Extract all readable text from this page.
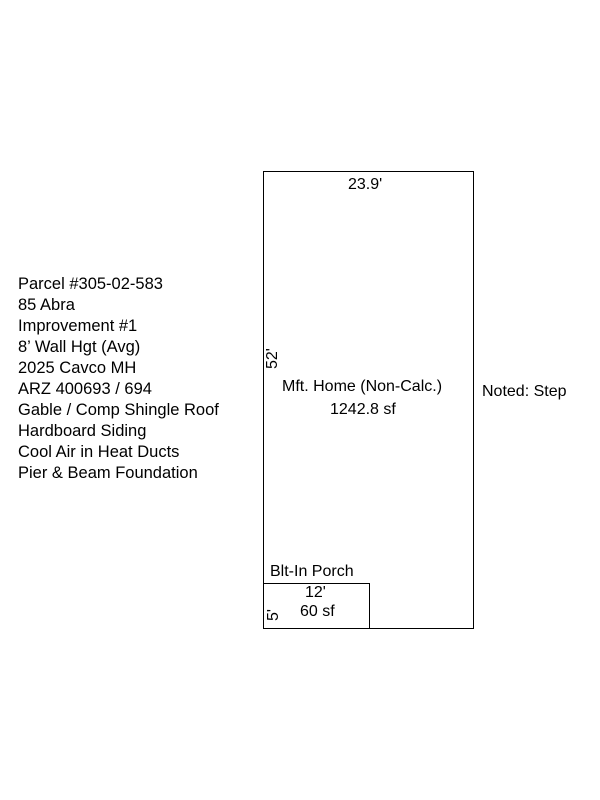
Parcel #305-02-583
85 Abra
Improvement #1
8’ Wall Hgt (Avg)
2025 Cavco MH
ARZ 400693 / 694
Gable / Comp Shingle Roof
Hardboard Siding
Cool Air in Heat Ducts
Pier & Beam Foundation
23.9'
52'
Mft. Home (Non-Calc.)
1242.8 sf
Noted: Step
Blt-In Porch
12'
5' 60 sf
